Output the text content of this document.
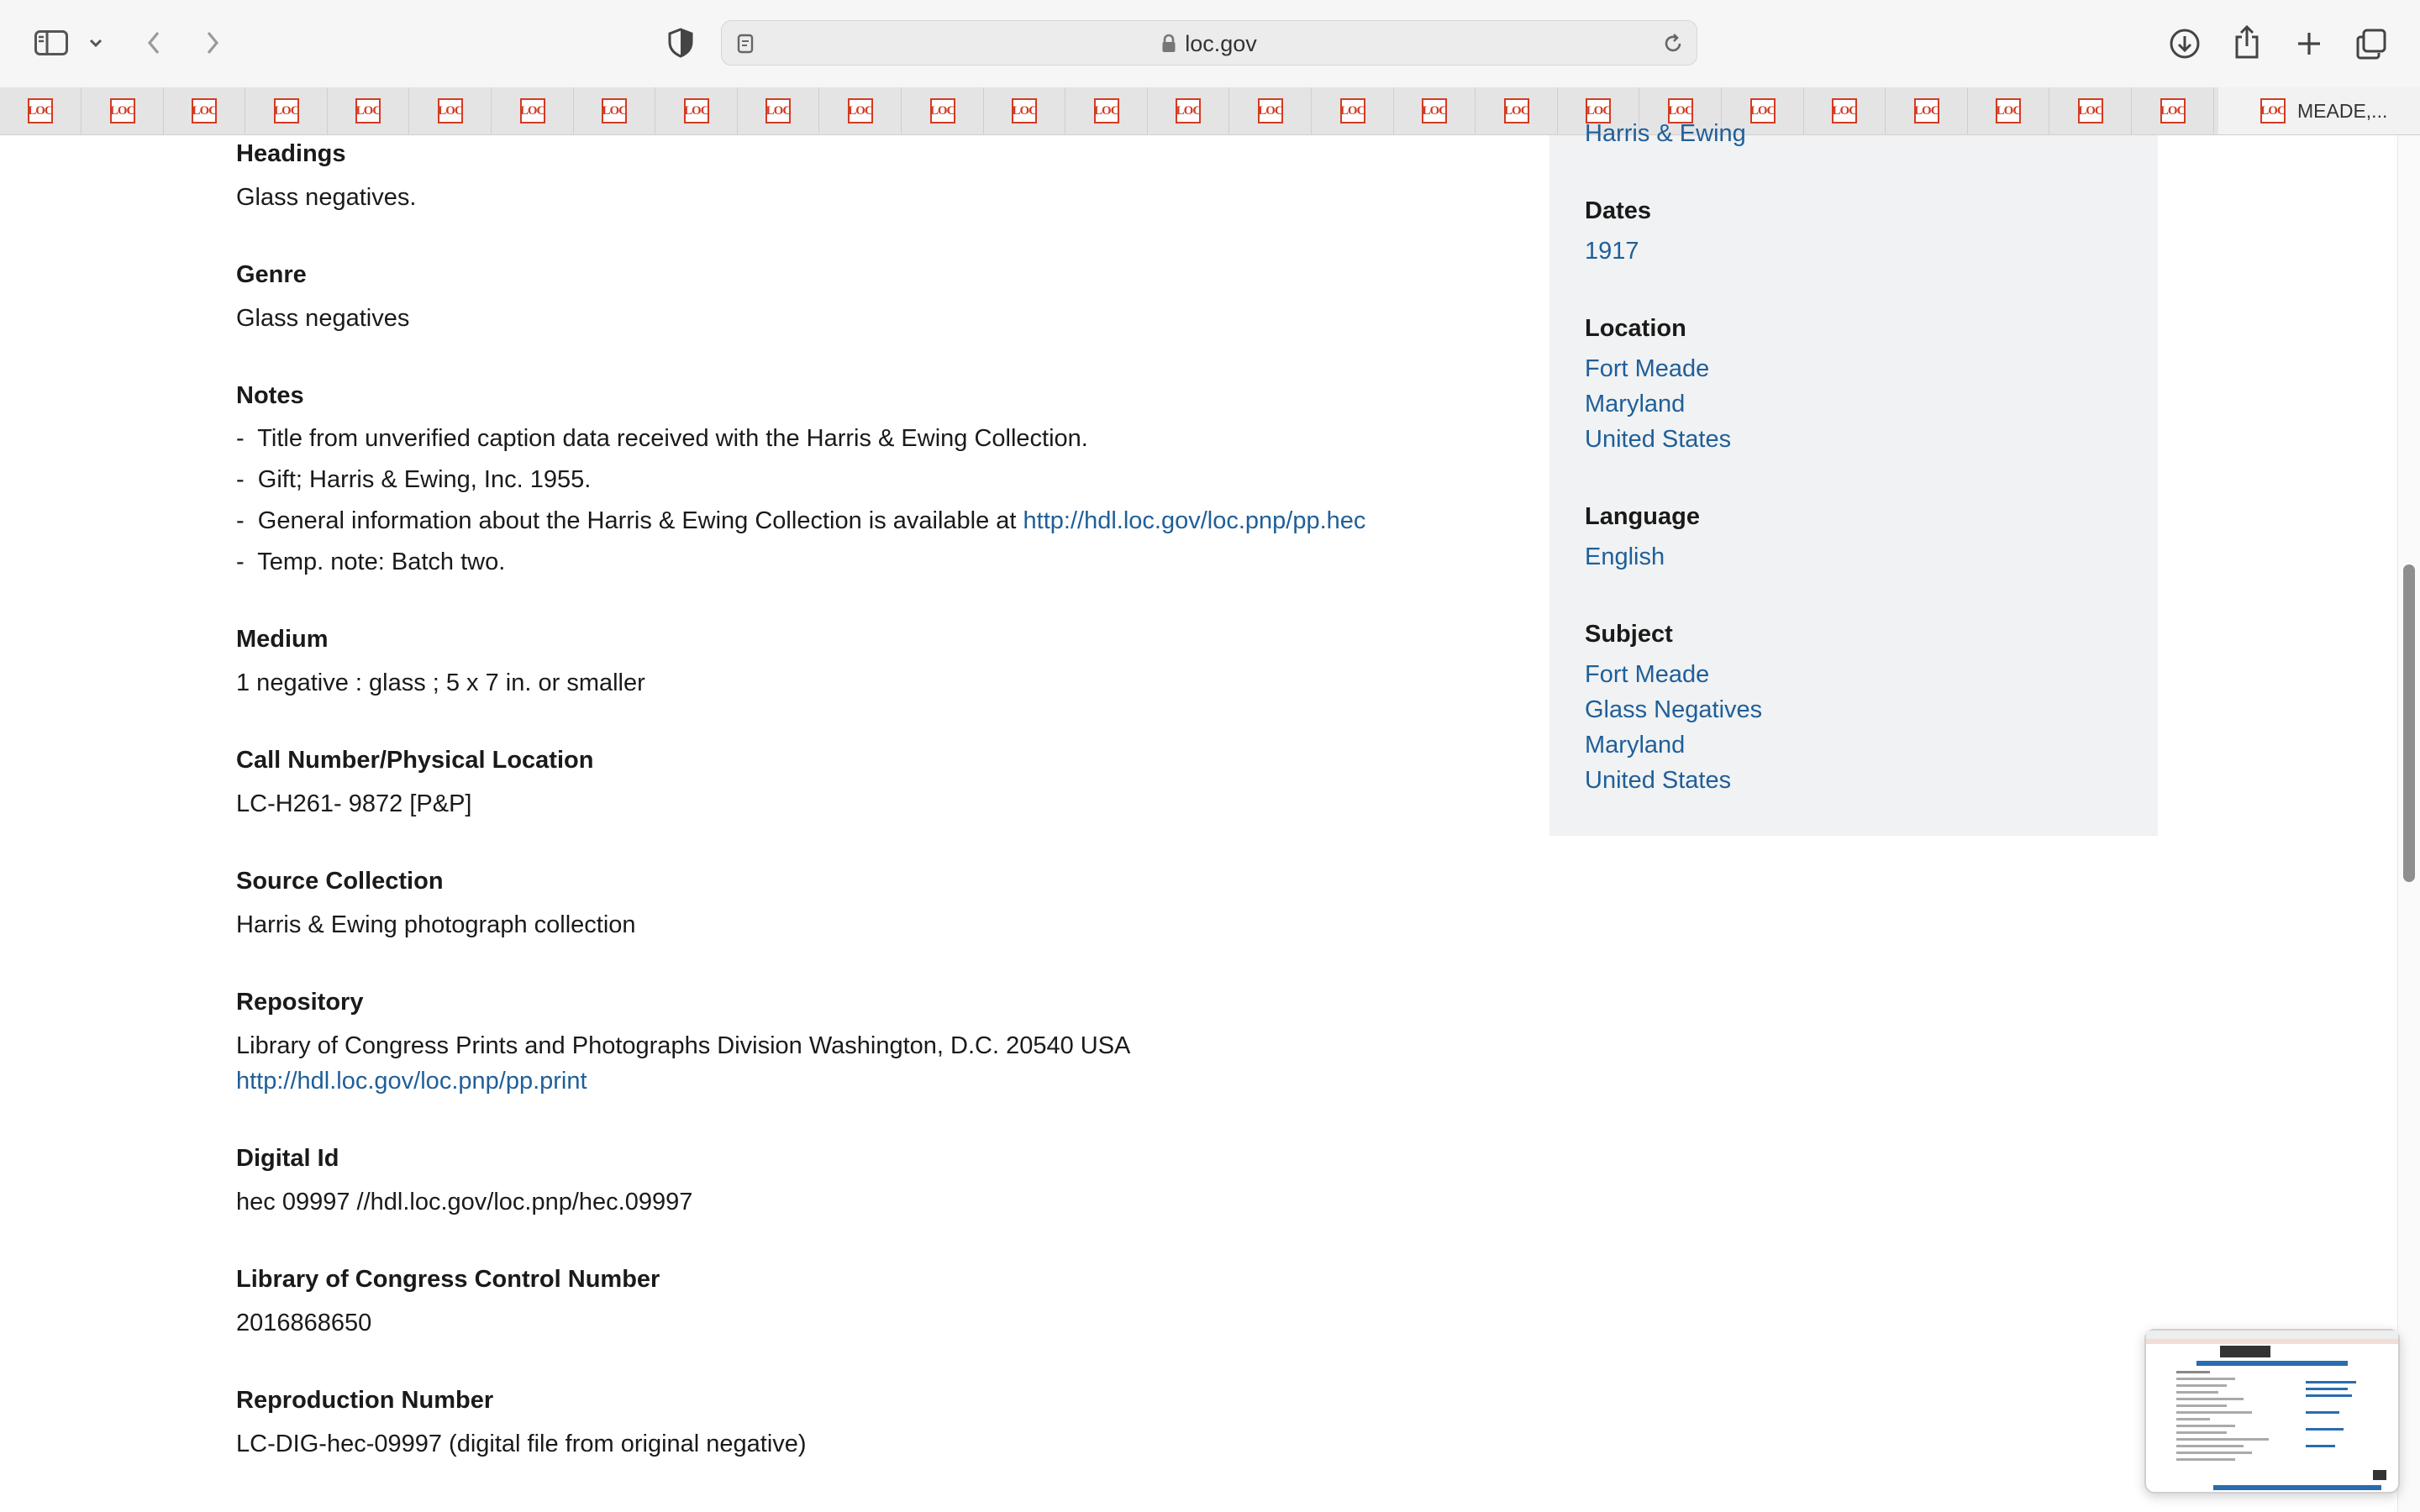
loc.gov
LOC
LOC
LOC
LOC
LOC
LOC
LOC
LOC
LOC
LOC
LOC
LOC
LOC
LOC
LOC
LOC
LOC
LOC
LOC
LOC
LOC
LOC
LOC
LOC
LOC
LOC
LOC	LOC MEADE,...
Headings
Glass negatives.
Genre
Glass negatives
Notes
- Title from unverified caption data received with the Harris & Ewing Collection.
- Gift; Harris & Ewing, Inc. 1955.
- General information about the Harris & Ewing Collection is available at http://hdl.loc.gov/loc.pnp/pp.hec
- Temp. note: Batch two.
Medium
1 negative : glass ; 5 x 7 in. or smaller
Call Number/Physical Location
LC-H261- 9872 [P&P]
Source Collection
Harris & Ewing photograph collection
Repository
Library of Congress Prints and Photographs Division Washington, D.C. 20540 USA
http://hdl.loc.gov/loc.pnp/pp.print
Digital Id
hec 09997 //hdl.loc.gov/loc.pnp/hec.09997
Library of Congress Control Number
2016868650
Reproduction Number
LC-DIG-hec-09997 (digital file from original negative)
Harris & Ewing
Dates
1917
Location
Fort Meade
Maryland
United States
Language
English
Subject
Fort Meade
Glass Negatives
Maryland
United States
